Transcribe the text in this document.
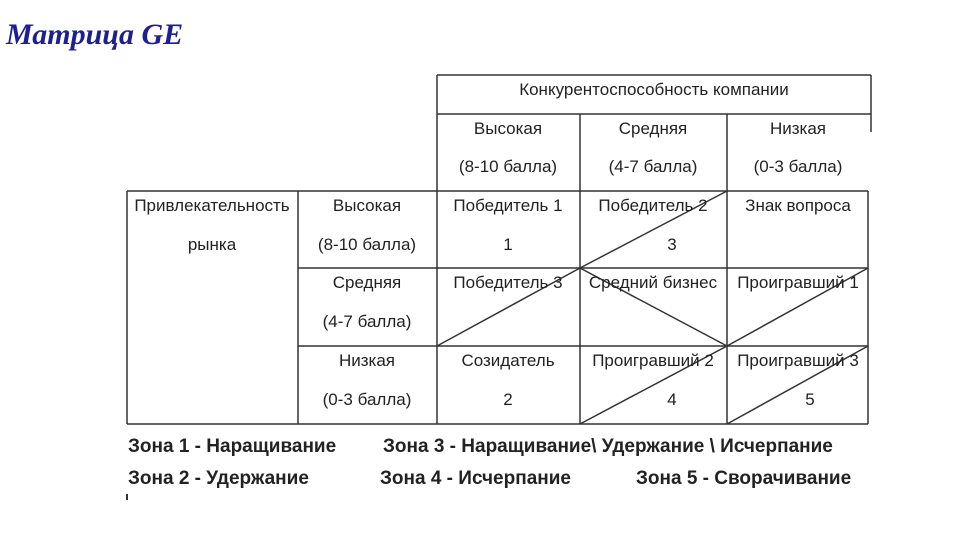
Матрица GE
Конкурентоспособность компании
Высокая
(8-10 балла)
Средняя
(4-7 балла)
Низкая
(0-3 балла)
Привлекательность
рынка
Высокая
(8-10 балла)
Средняя
(4-7 балла)
Низкая
(0-3 балла)
Победитель 1
1
Победитель 2
3
Знак вопроса
Победитель 3 Средний бизнес Проигравший 1
Созидатель
2
Проигравший 2
4
Проигравший 3
5
Зона 1 - Наращивание Зона 3 - Наращивание\ Удержание \ Исчерпание
Зона 2 - Удержание	Зона 4 - Исчерпание	Зона 5 - Сворачивание
